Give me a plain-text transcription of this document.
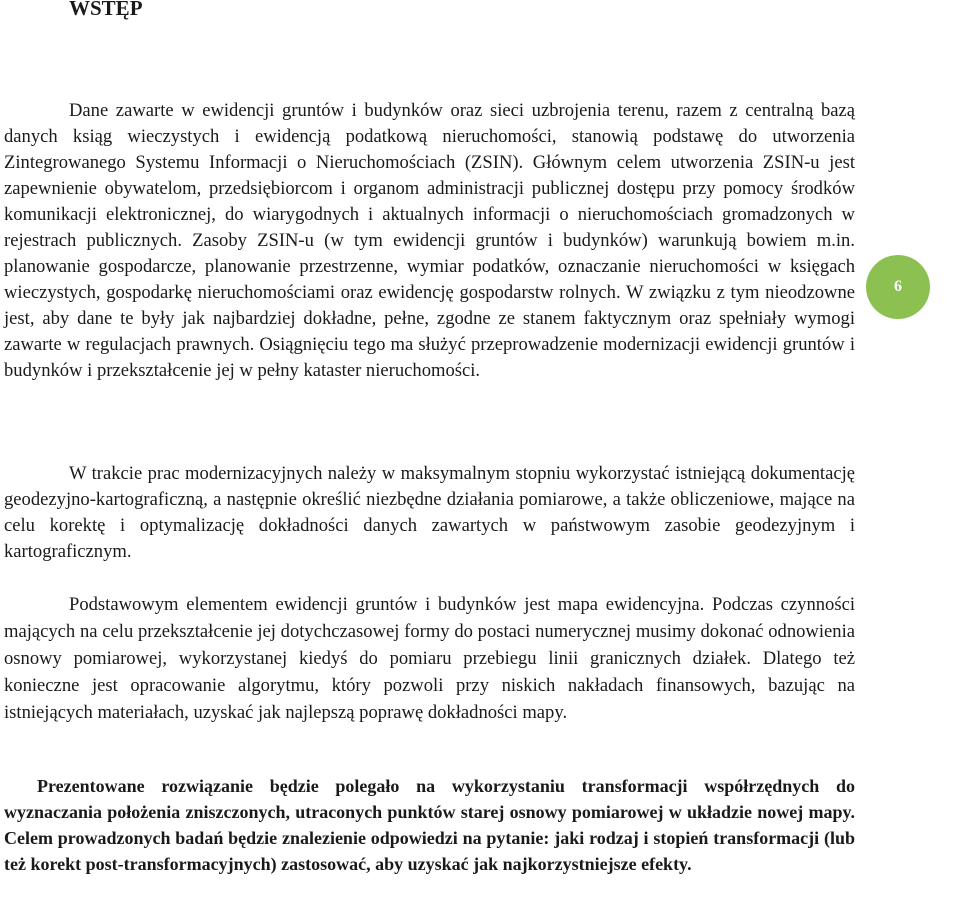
WSTĘP

Dane zawarte w ewidencji gruntów i budynków oraz sieci uzbrojenia terenu, razem z centralną bazą danych ksiąg wieczystych i ewidencją podatkową nieruchomości, stanowią podstawę do utworzenia Zintegrowanego Systemu Informacji o Nieruchomościach (ZSIN). Głównym celem utworzenia ZSIN-u jest zapewnienie obywatelom, przedsiębiorcom i organom administracji publicznej dostępu przy pomocy środków komunikacji elektronicznej, do wiarygodnych i aktualnych informacji o nieruchomościach gromadzonych w rejestrach publicznych. Zasoby ZSIN-u (w tym ewidencji gruntów i budynków) warunkują bowiem m.in. planowanie gospodarcze, planowanie przestrzenne, wymiar podatków, oznaczanie nieruchomości w księgach wieczystych, gospodarkę nieruchomościami oraz ewidencję gospodarstw rolnych. W związku z tym nieodzowne jest, aby dane te były jak najbardziej dokładne, pełne, zgodne ze stanem faktycznym oraz spełniały wymogi zawarte w regulacjach prawnych. Osiągnięciu tego ma służyć przeprowadzenie modernizacji ewidencji gruntów i budynków i przekształcenie jej w pełny kataster nieruchomości.

6

W trakcie prac modernizacyjnych należy w maksymalnym stopniu wykorzystać istniejącą dokumentację geodezyjno-kartograficzną, a następnie określić niezbędne działania pomiarowe, a także obliczeniowe, mające na celu korektę i optymalizację dokładności danych zawartych w państwowym zasobie geodezyjnym i kartograficznym.

Podstawowym elementem ewidencji gruntów i budynków jest mapa ewidencyjna. Podczas czynności mających na celu przekształcenie jej dotychczasowej formy do postaci numerycznej musimy dokonać odnowienia osnowy pomiarowej, wykorzystanej kiedyś do pomiaru przebiegu linii granicznych działek. Dlatego też konieczne jest opracowanie algorytmu, który pozwoli przy niskich nakładach finansowych, bazując na istniejących materiałach, uzyskać jak najlepszą poprawę dokładności mapy.

Prezentowane rozwiązanie będzie polegało na wykorzystaniu transformacji współrzędnych do wyznaczania położenia zniszczonych, utraconych punktów starej osnowy pomiarowej w układzie nowej mapy. Celem prowadzonych badań będzie znalezienie odpowiedzi na pytanie: jaki rodzaj i stopień transformacji (lub też korekt post-transformacyjnych) zastosować, aby uzyskać jak najkorzystniejsze efekty.
